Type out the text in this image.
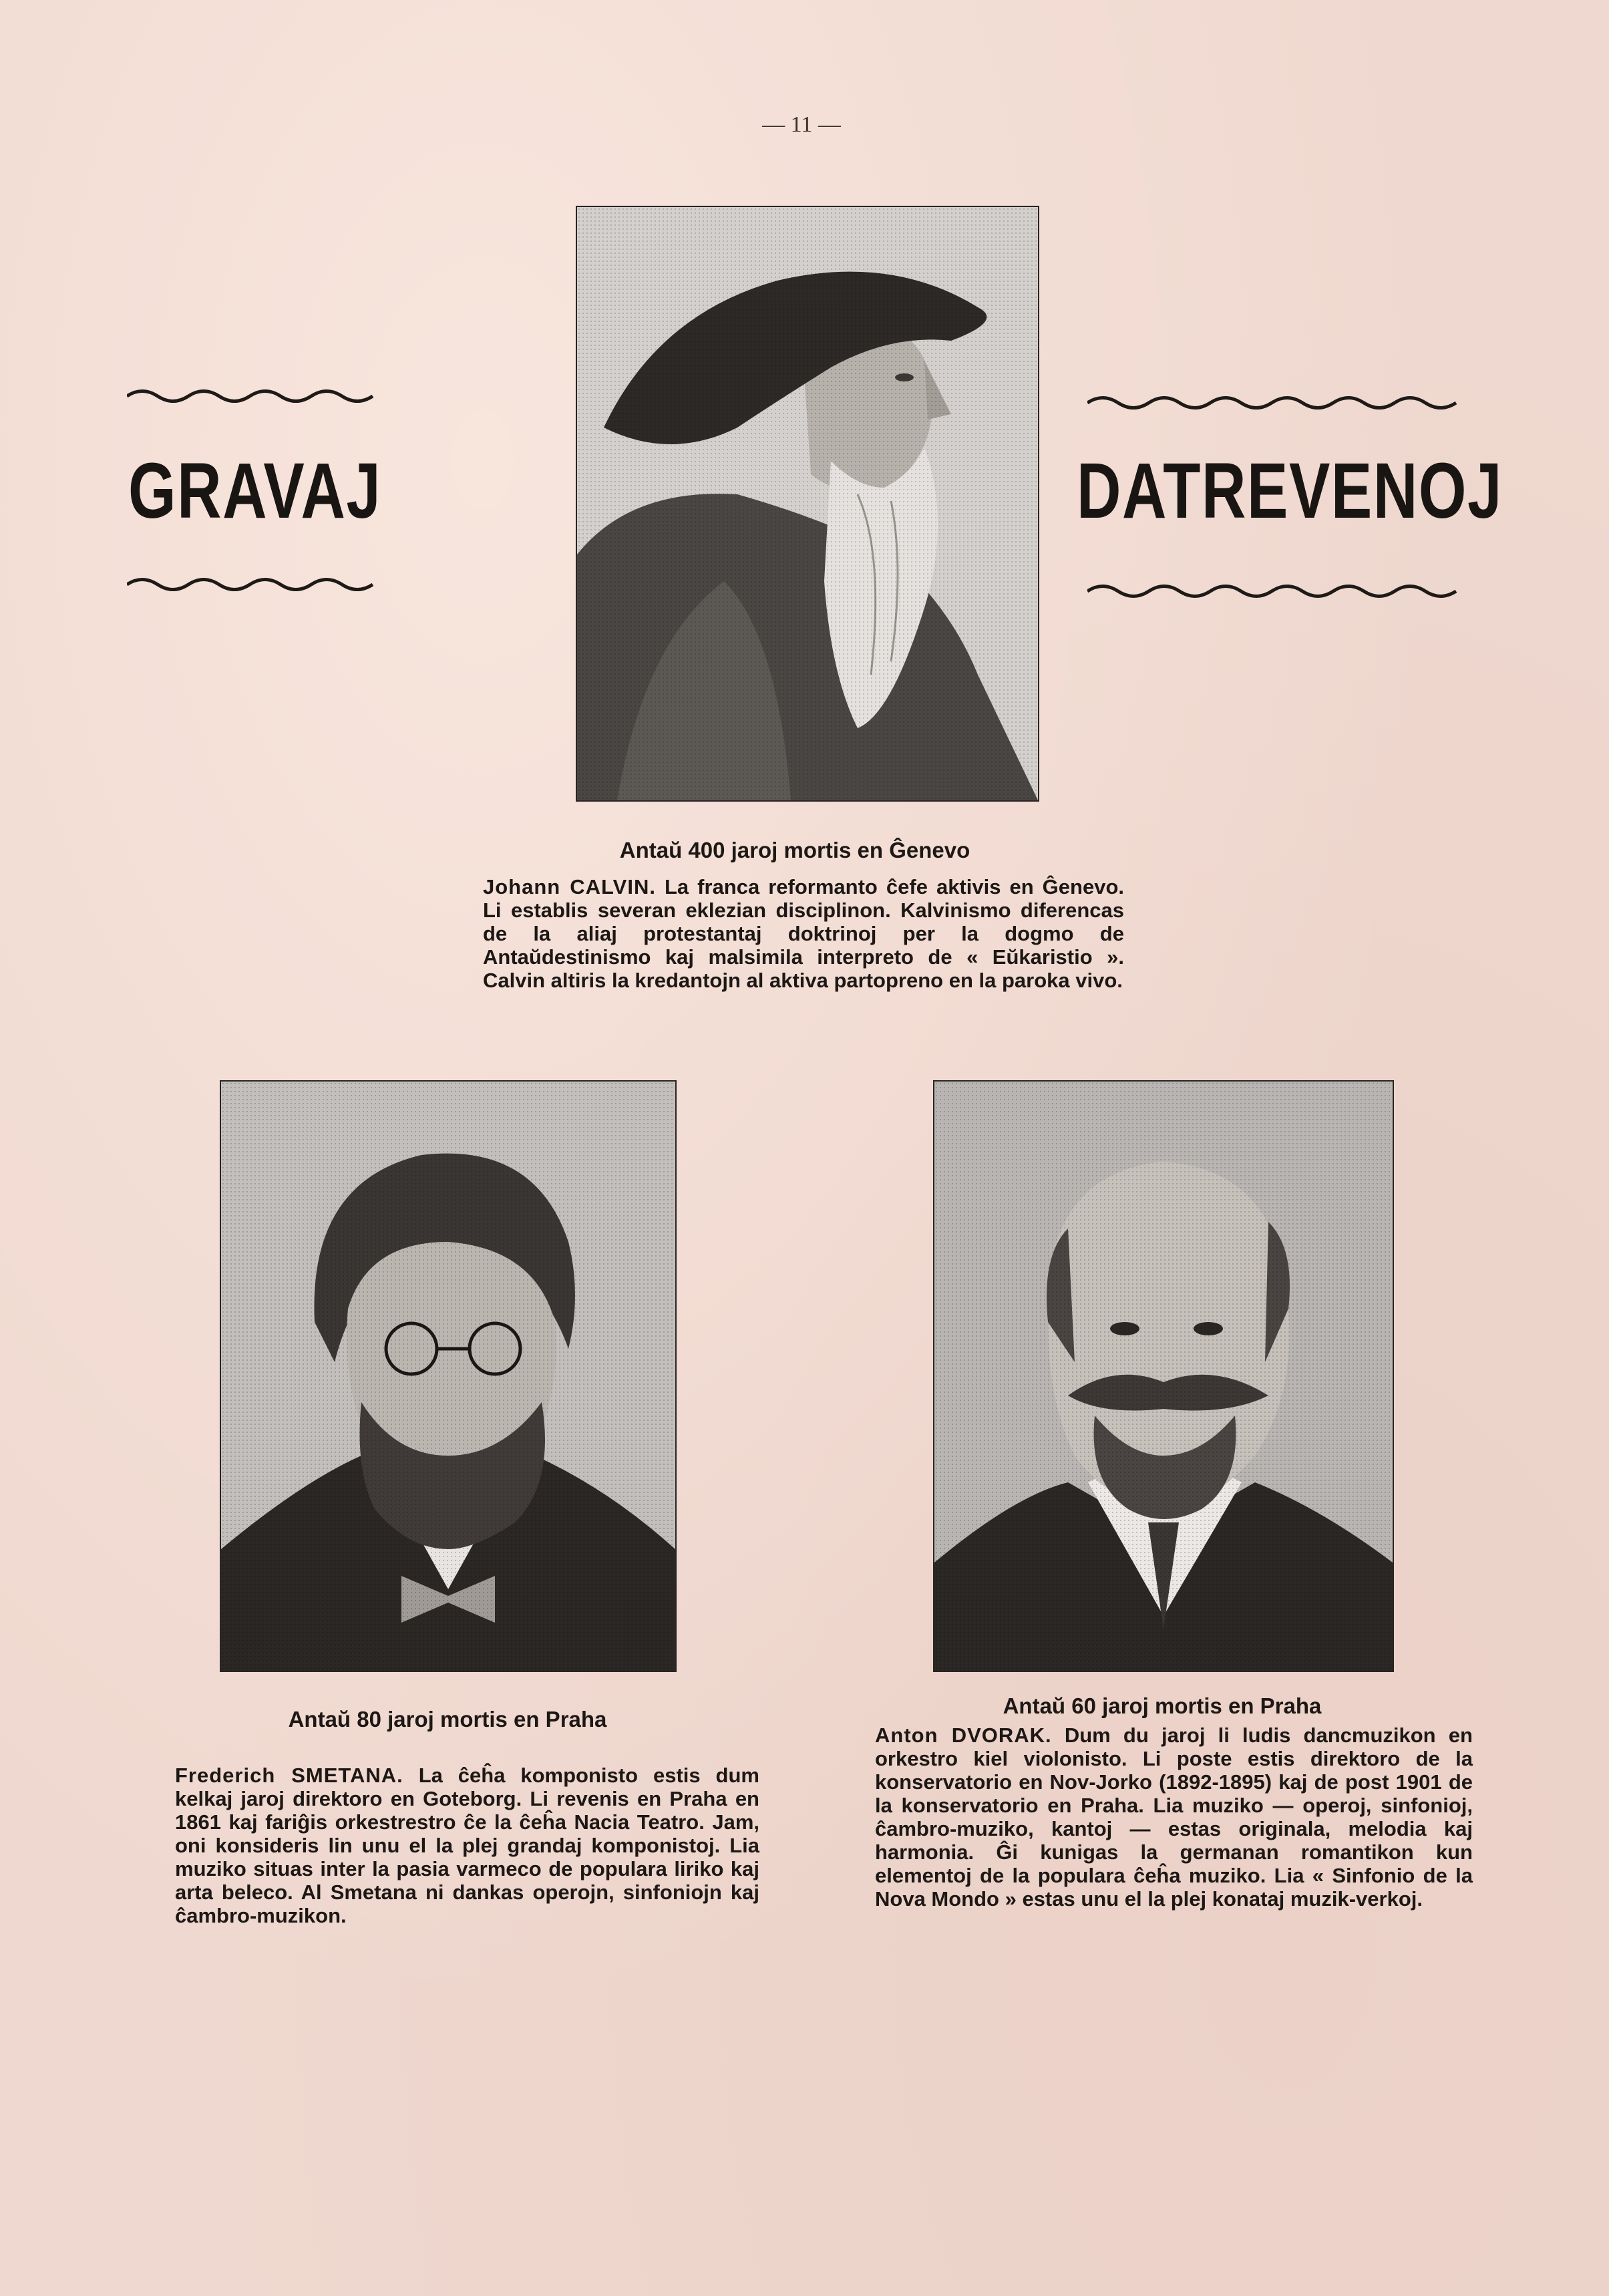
— 11 —
GRAVAJ	DATREVENOJ
Antaŭ 400 jaroj mortis en Ĝenevo

Johann CALVIN. La franca reformanto ĉefe aktivis en Ĝenevo. Li establis severan eklezian disciplinon. Kalvinismo diferencas de la aliaj protestantaj doktrinoj per la dogmo de Antaŭdestinismo kaj malsimila interpreto de « Eŭkaristio ». Calvin altiris la kredantojn al aktiva partopreno en la paroka vivo.

Antaŭ 80 jaroj mortis en Praha

Frederich SMETANA. La ĉeĥa komponisto estis dum kelkaj jaroj direktoro en Goteborg. Li revenis en Praha en 1861 kaj fariĝis orkestrestro ĉe la ĉeĥa Nacia Teatro. Jam, oni konsideris lin unu el la plej grandaj komponistoj. Lia muziko situas inter la pasia varmeco de populara liriko kaj arta beleco. Al Smetana ni dankas operojn, sinfoniojn kaj ĉambro-muzikon.

Antaŭ 60 jaroj mortis en Praha

Anton DVORAK. Dum du jaroj li ludis dancmuzikon en orkestro kiel violonisto. Li poste estis direktoro de la konservatorio en Nov-Jorko (1892-1895) kaj de post 1901 de la konservatorio en Praha. Lia muziko — operoj, sinfonioj, ĉambro-muziko, kantoj — estas originala, melodia kaj harmonia. Ĝi kunigas la germanan romantikon kun elementoj de la populara ĉeĥa muziko. Lia « Sinfonio de la Nova Mondo » estas unu el la plej konataj muzik-verkoj.
